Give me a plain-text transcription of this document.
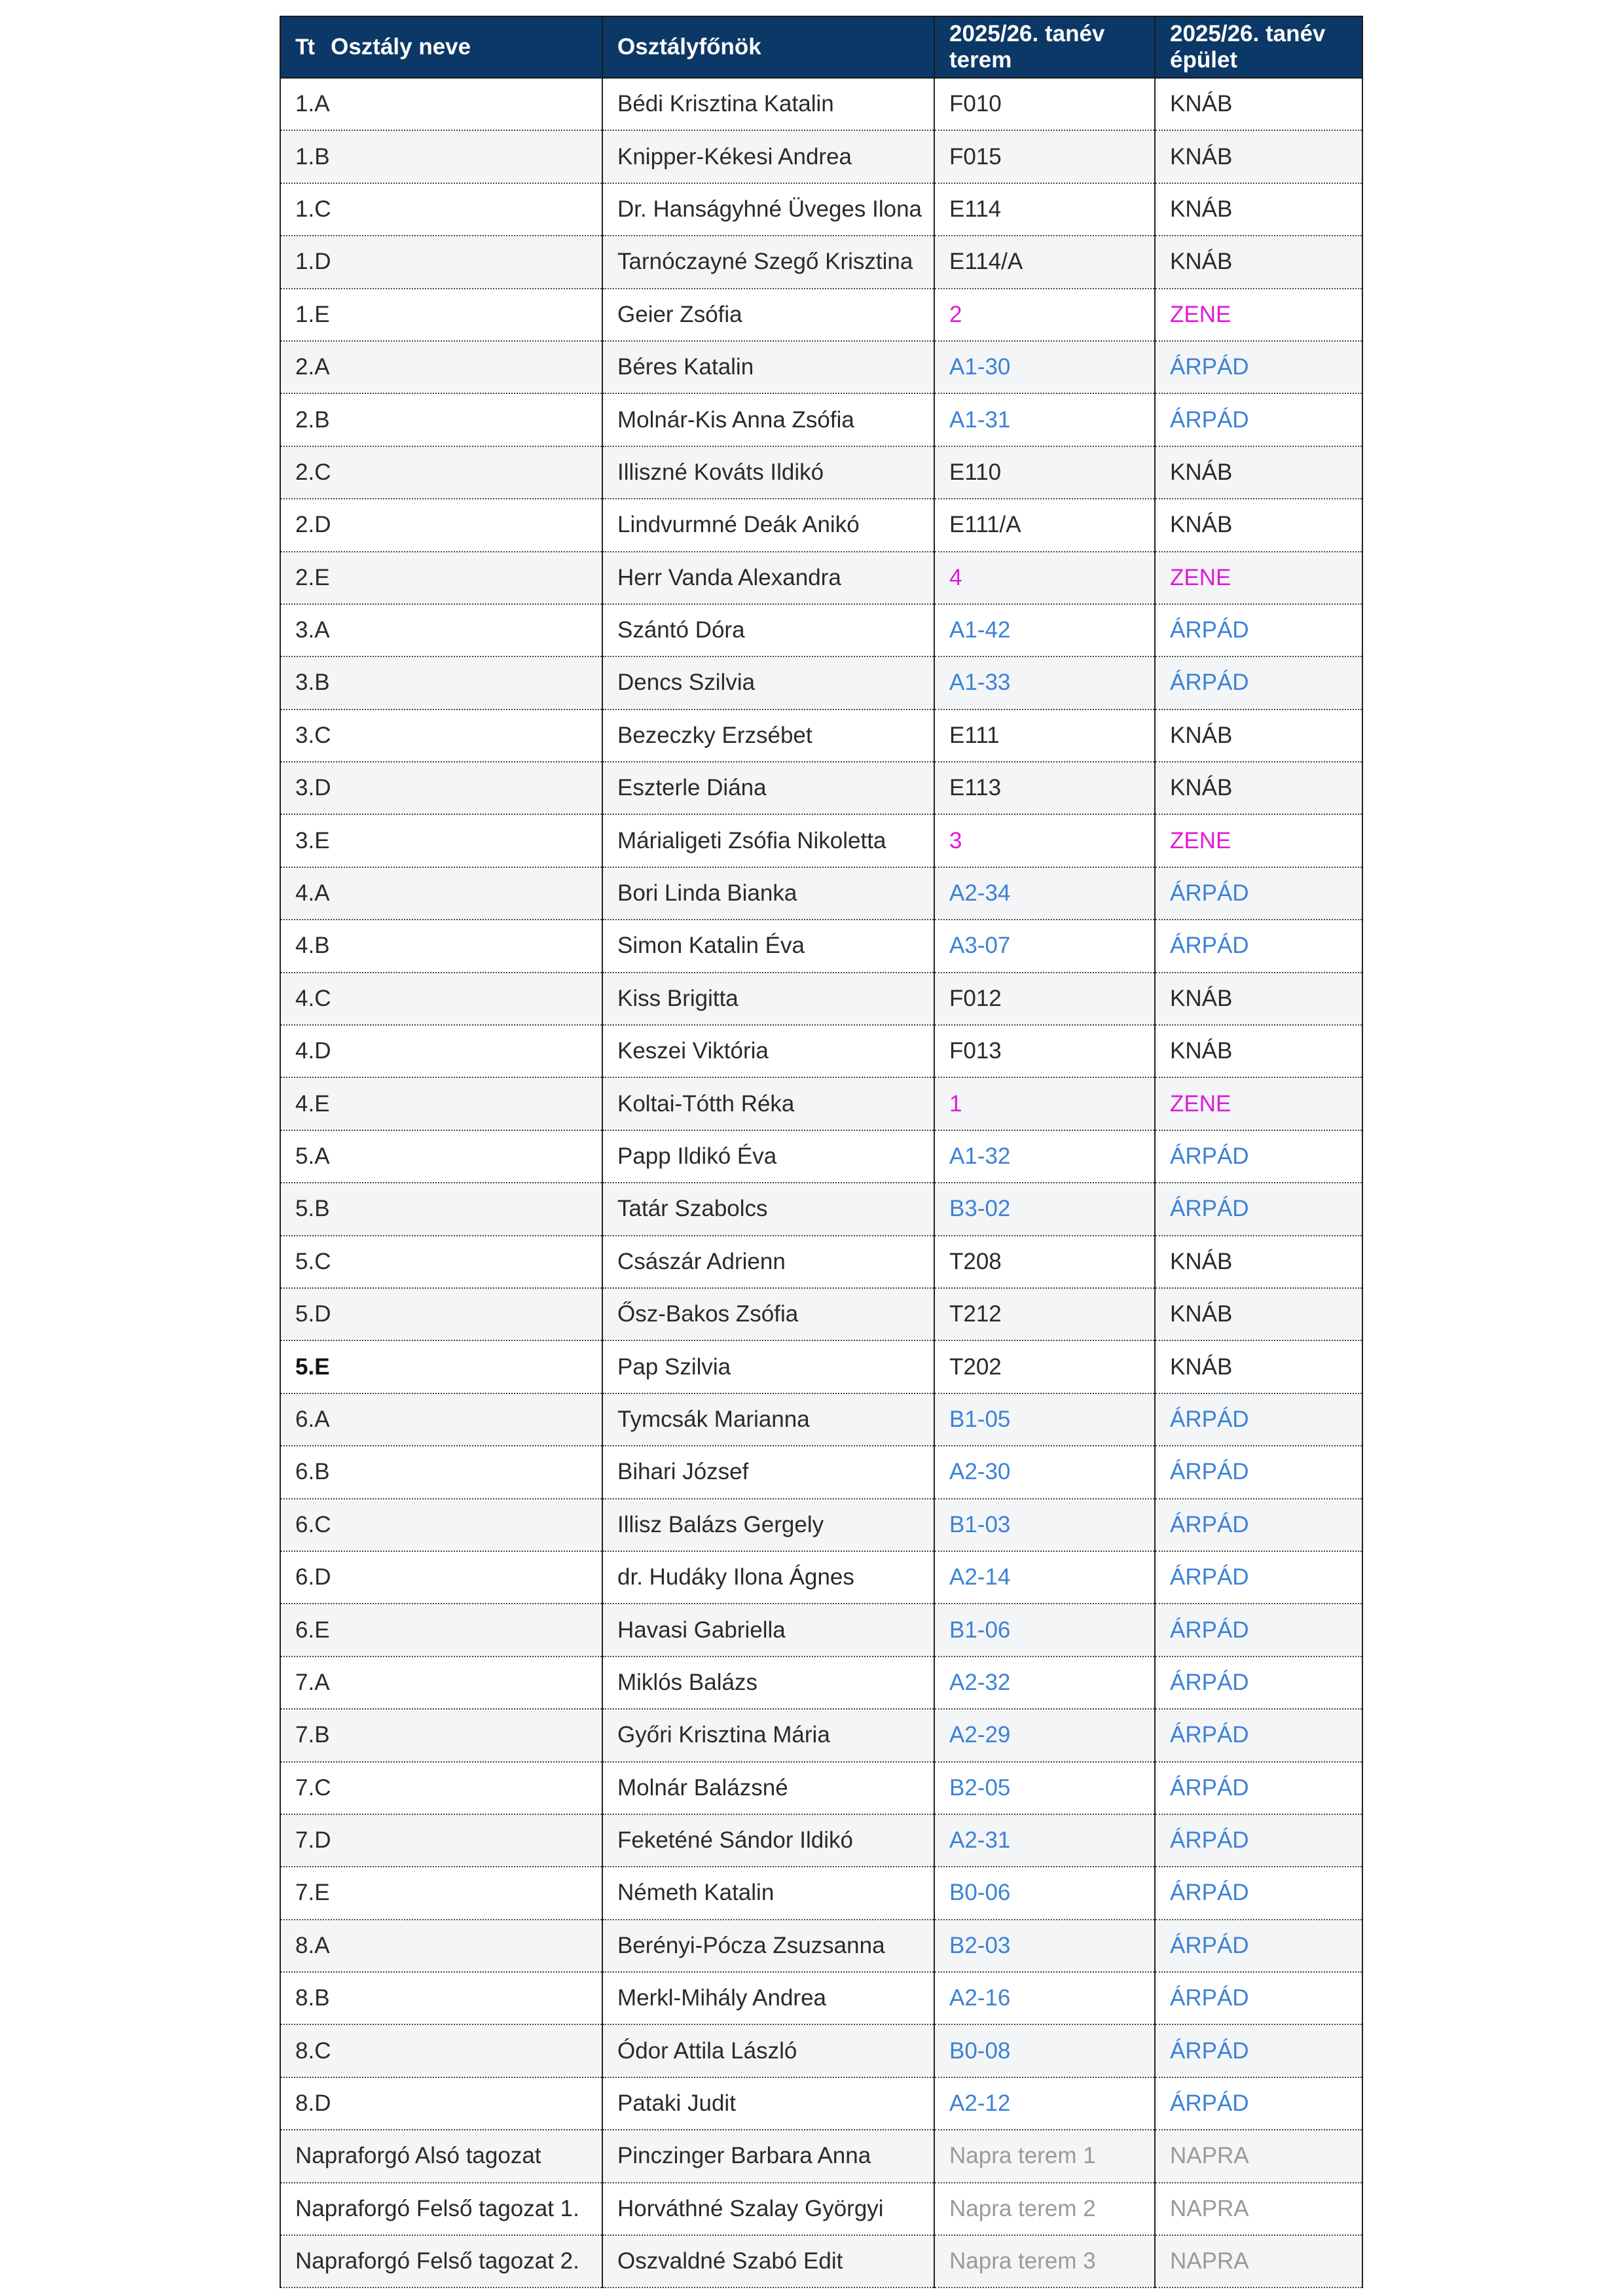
Tt Osztály neve	Osztályfőnök	2025/26. tanév terem	2025/26. tanév épület
1.A	Bédi Krisztina Katalin	F010	KNÁB
1.B	Knipper-Kékesi Andrea	F015	KNÁB
1.C	Dr. Hanságyhné Üveges Ilona	E114	KNÁB
1.D	Tarnóczayné Szegő Krisztina	E114/A	KNÁB
1.E	Geier Zsófia	2	ZENE
2.A	Béres Katalin	A1-30	ÁRPÁD
2.B	Molnár-Kis Anna Zsófia	A1-31	ÁRPÁD
2.C	Illiszné Kováts Ildikó	E110	KNÁB
2.D	Lindvurmné Deák Anikó	E111/A	KNÁB
2.E	Herr Vanda Alexandra	4	ZENE
3.A	Szántó Dóra	A1-42	ÁRPÁD
3.B	Dencs Szilvia	A1-33	ÁRPÁD
3.C	Bezeczky Erzsébet	E111	KNÁB
3.D	Eszterle Diána	E113	KNÁB
3.E	Márialigeti Zsófia Nikoletta	3	ZENE
4.A	Bori Linda Bianka	A2-34	ÁRPÁD
4.B	Simon Katalin Éva	A3-07	ÁRPÁD
4.C	Kiss Brigitta	F012	KNÁB
4.D	Keszei Viktória	F013	KNÁB
4.E	Koltai-Tótth Réka	1	ZENE
5.A	Papp Ildikó Éva	A1-32	ÁRPÁD
5.B	Tatár Szabolcs	B3-02	ÁRPÁD
5.C	Császár Adrienn	T208	KNÁB
5.D	Ősz-Bakos Zsófia	T212	KNÁB
5.E	Pap Szilvia	T202	KNÁB
6.A	Tymcsák Marianna	B1-05	ÁRPÁD
6.B	Bihari József	A2-30	ÁRPÁD
6.C	Illisz Balázs Gergely	B1-03	ÁRPÁD
6.D	dr. Hudáky Ilona Ágnes	A2-14	ÁRPÁD
6.E	Havasi Gabriella	B1-06	ÁRPÁD
7.A	Miklós Balázs	A2-32	ÁRPÁD
7.B	Győri Krisztina Mária	A2-29	ÁRPÁD
7.C	Molnár Balázsné	B2-05	ÁRPÁD
7.D	Feketéné Sándor Ildikó	A2-31	ÁRPÁD
7.E	Németh Katalin	B0-06	ÁRPÁD
8.A	Berényi-Pócza Zsuzsanna	B2-03	ÁRPÁD
8.B	Merkl-Mihály Andrea	A2-16	ÁRPÁD
8.C	Ódor Attila László	B0-08	ÁRPÁD
8.D	Pataki Judit	A2-12	ÁRPÁD
Napraforgó Alsó tagozat	Pinczinger Barbara Anna	Napra terem 1	NAPRA
Napraforgó Felső tagozat 1.	Horváthné Szalay Györgyi	Napra terem 2	NAPRA
Napraforgó Felső tagozat 2.	Oszvaldné Szabó Edit	Napra terem 3	NAPRA
